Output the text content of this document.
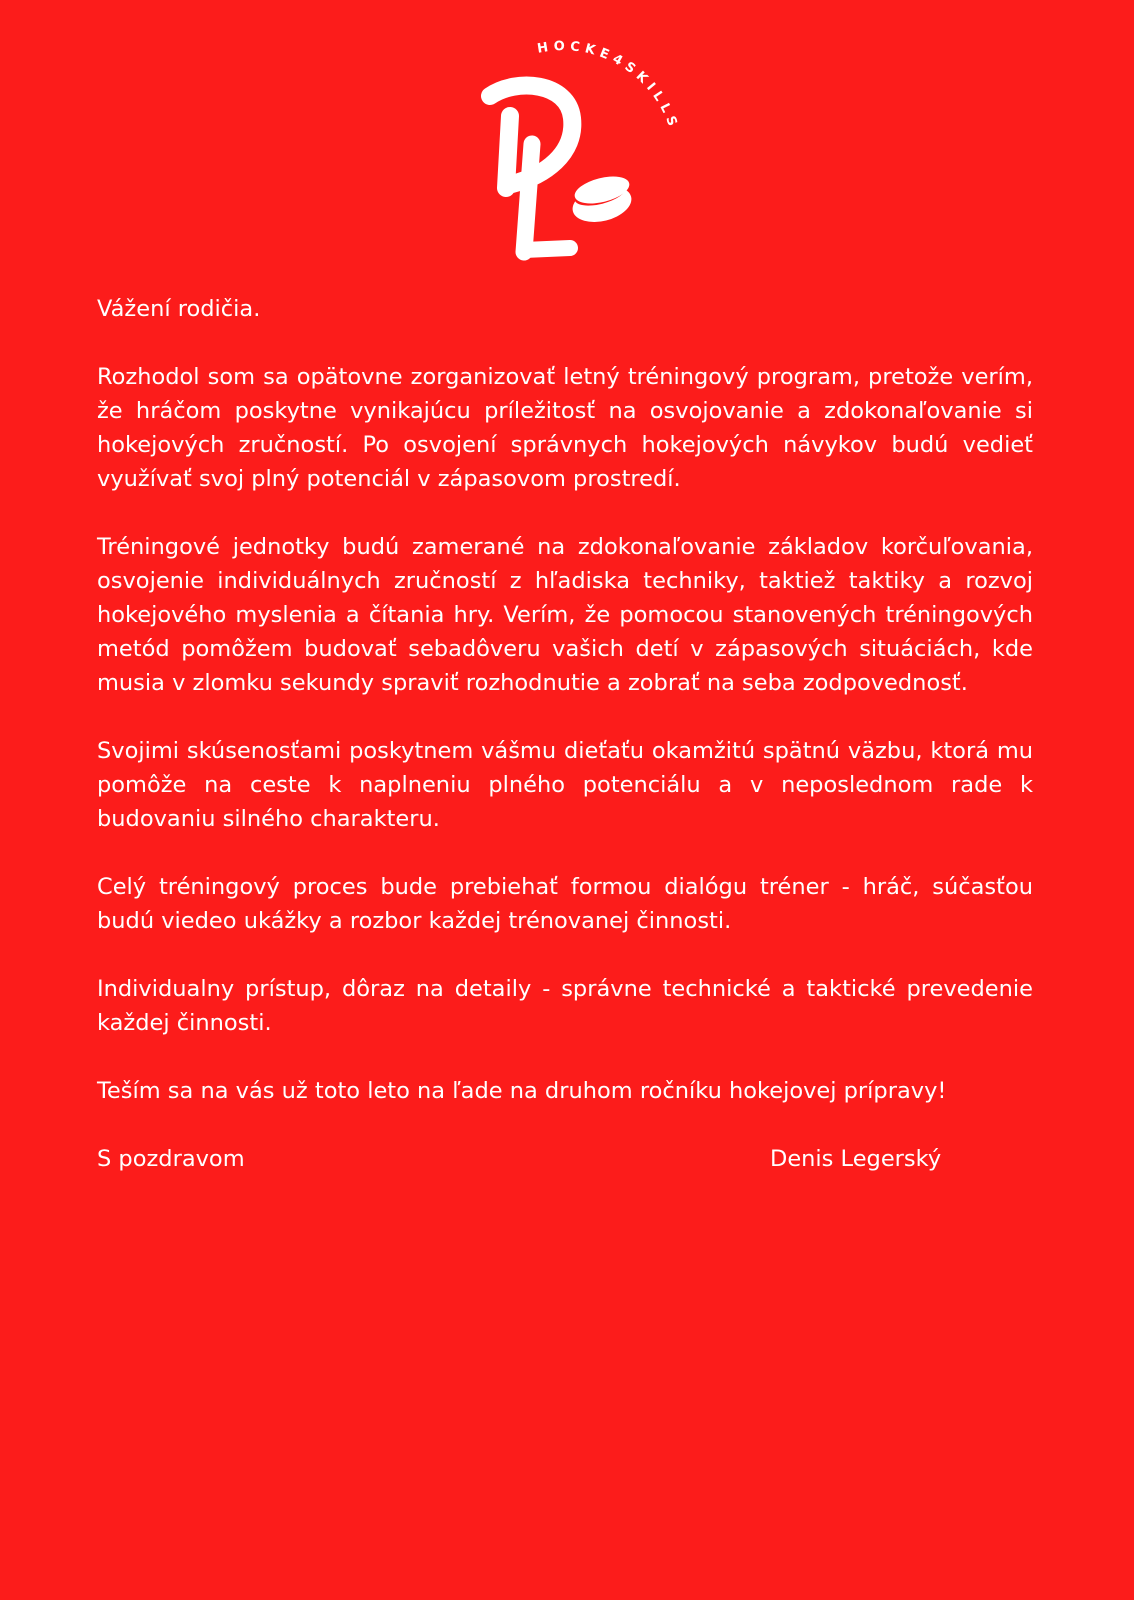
HOCKE4SKILLS

Vážení rodičia.

Rozhodol som sa opätovne zorganizovať letný tréningový program, pretože verím, že hráčom poskytne vynikajúcu príležitosť na osvojovanie a zdokonaľovanie si hokejových zručností. Po osvojení správnych hokejových návykov budú vedieť využívať svoj plný potenciál v zápasovom prostredí.

Tréningové jednotky budú zamerané na zdokonaľovanie základov korčuľovania, osvojenie individuálnych zručností z hľadiska techniky, taktiež taktiky a rozvoj hokejového myslenia a čítania hry. Verím, že pomocou stanovených tréningových metód pomôžem budovať sebadôveru vašich detí v zápasových situáciách, kde musia v zlomku sekundy spraviť rozhodnutie a zobrať na seba zodpovednosť.

Svojimi skúsenosťami poskytnem vášmu dieťaťu okamžitú spätnú väzbu, ktorá mu pomôže na ceste k naplneniu plného potenciálu a v neposlednom rade k budovaniu silného charakteru.

Celý tréningový proces bude prebiehať formou dialógu tréner - hráč, súčasťou budú viedeo ukážky a rozbor každej trénovanej činnosti.

Individualny prístup, dôraz na detaily - správne technické a taktické prevedenie každej činnosti.

Teším sa na vás už toto leto na ľade na druhom ročníku hokejovej prípravy!

S pozdravom	Denis Legerský
